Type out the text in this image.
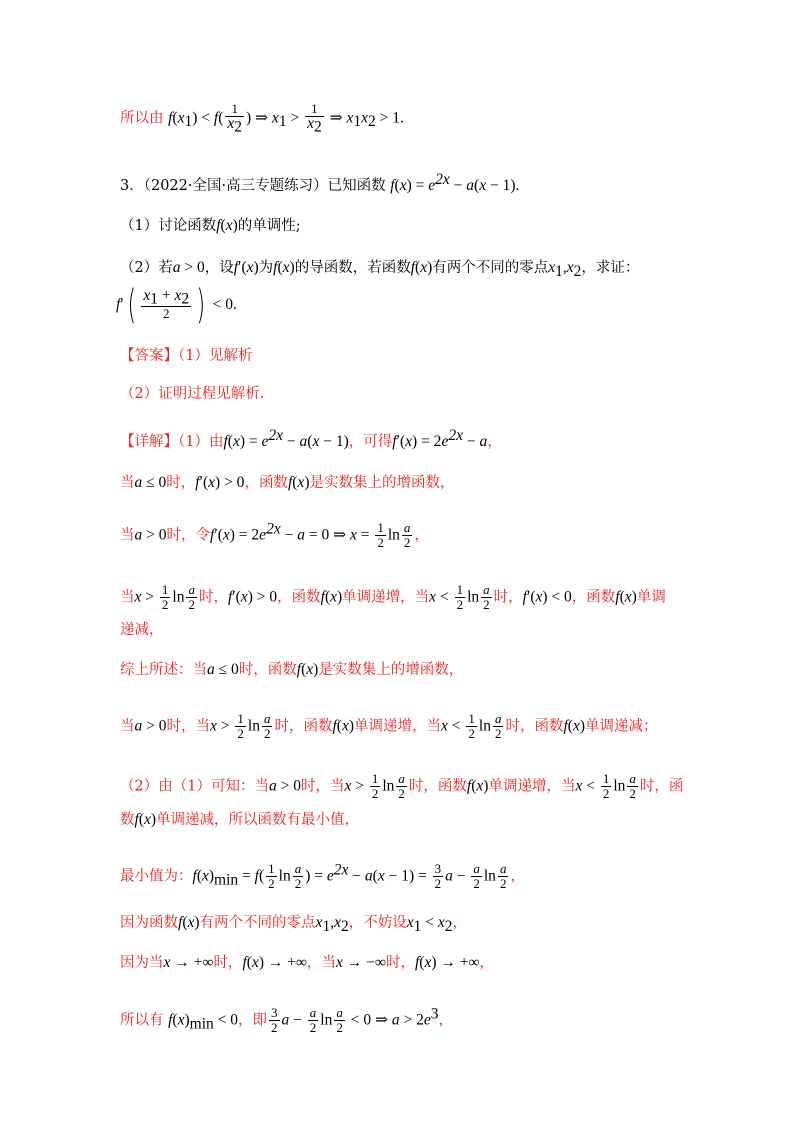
所以由 $f(x_1) < f( \frac{1}{x_2}$ ) ⇒ $x_1 > \frac{1}{x_2}$ ⇒ $x_1x_2 > 1$.
3．（2022·全国·高三专题练习）已知函数 $f(x) = e^{2x} - a(x - 1)$.
（1）讨论函数f(x)的单调性;
（2）若a > 0，设f′(x)为f(x)的导函数，若函数f(x)有两个不同的零点$x_1,x_2$，求证：
$f'( \frac{x_1 + x_2}{2}$ ) < 0.
【答案】（1）见解析
（2）证明过程见解析.
【详解】（1）由$f(x) = e^{2x} - a(x - 1)$，可得$f'(x) = 2e^{2x} - a$，
当a ≤ 0时，f′(x) > 0，函数f(x)是实数集上的增函数，
当a > 0时，令$f'(x) = 2e^{2x} - a = 0$ ⇒ $x = \frac{1}{2}$ $\ln \frac{a}{2}$ ，
当$x > \frac{1}{2}$ $\ln \frac{a}{2}$ 时，f′(x) > 0，函数f(x)单调递增，当$x < \frac{1}{2}$ $\ln \frac{a}{2}$ 时，f′(x) < 0，函数f(x)单调
递减，
综上所述：当a ≤ 0时，函数f(x)是实数集上的增函数，
当a > 0时，当$x > \frac{1}{2}$ $\ln \frac{a}{2}$ 时，函数f(x)单调递增，当$x < \frac{1}{2}$ $\ln \frac{a}{2}$ 时，函数f(x)单调递减；
（2）由（1）可知：当a > 0时，当$x > \frac{1}{2}$ $\ln \frac{a}{2}$ 时，函数f(x)单调递增，当$x < \frac{1}{2}$ $\ln \frac{a}{2}$ 时，函
数f(x)单调递减，所以函数有最小值，
最小值为：$f(x)_{min} = f( \frac{1}{2}$ $\ln \frac{a}{2}$ ) = $e^{2x} - a(x - 1) = \frac{3}{2}$ $a - \frac{a}{2}$ $\ln \frac{a}{2}$ ，
因为函数f(x)有两个不同的零点$x_1,x_2$，不妨设$x_1 < x_2$，
因为当x → +∞时，f(x) → +∞，当x → −∞时，f(x) → +∞，
所以有 $f(x)_{min} < 0$，即 $\frac{3}{2}$ $a - \frac{a}{2}$ $\ln \frac{a}{2} < 0$ ⇒ $a > 2e^3$，
